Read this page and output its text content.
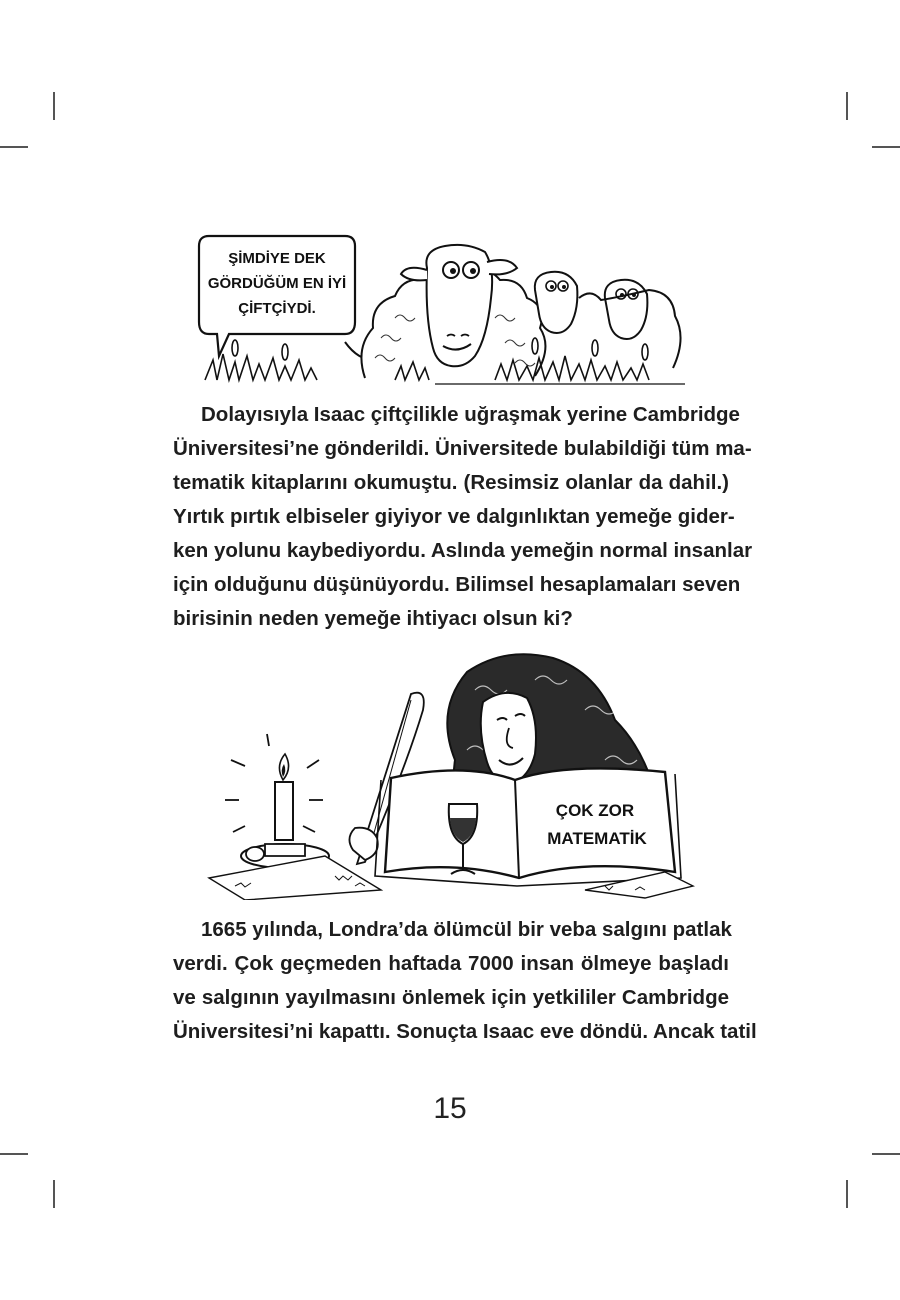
ŞİMDİYE DEK
GÖRDÜĞÜM EN İYİ
ÇİFTÇİYDİ.
Dolayısıyla Isaac çiftçilikle uğraşmak yerine Cambridge
Üniversitesi’ne gönderildi. Üniversitede bulabildiği tüm ma-
tematik kitaplarını okumuştu. (Resimsiz olanlar da dahil.)
Yırtık pırtık elbiseler giyiyor ve dalgınlıktan yemeğe gider-
ken yolunu kaybediyordu. Aslında yemeğin normal insanlar
için olduğunu düşünüyordu. Bilimsel hesaplamaları seven
birisinin neden yemeğe ihtiyacı olsun ki?
ÇOK ZOR
MATEMATİK
1665 yılında, Londra’da ölümcül bir veba salgını patlak
verdi. Çok geçmeden haftada 7000 insan ölmeye başladı
ve salgının yayılmasını önlemek için yetkililer Cambridge
Üniversitesi’ni kapattı. Sonuçta Isaac eve döndü. Ancak tatil
15
